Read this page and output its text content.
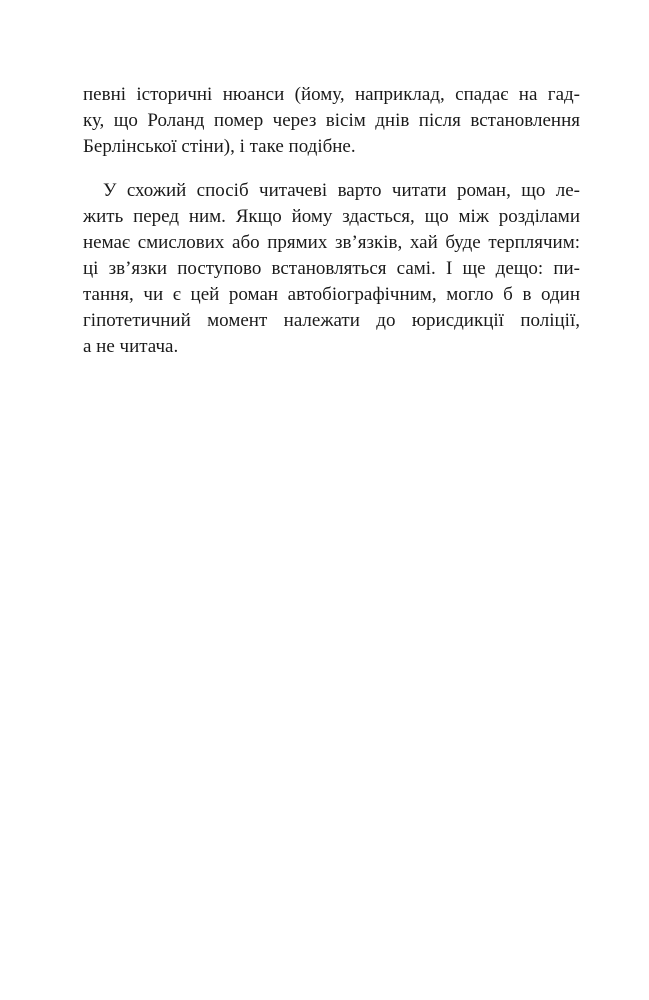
певні історичні нюанси (йому, наприклад, спадає на гад-
ку, що Роланд помер через вісім днів після встановлення
Берлінської стіни), і таке подібне.
У схожий спосіб читачеві варто читати роман, що ле-
жить перед ним. Якщо йому здасться, що між розділами
немає смислових або прямих зв’язків, хай буде терплячим:
ці зв’язки поступово встановляться самі. І ще дещо: пи-
тання, чи є цей роман автобіографічним, могло б в один
гіпотетичний момент належати до юрисдикції поліції,
а не читача.
